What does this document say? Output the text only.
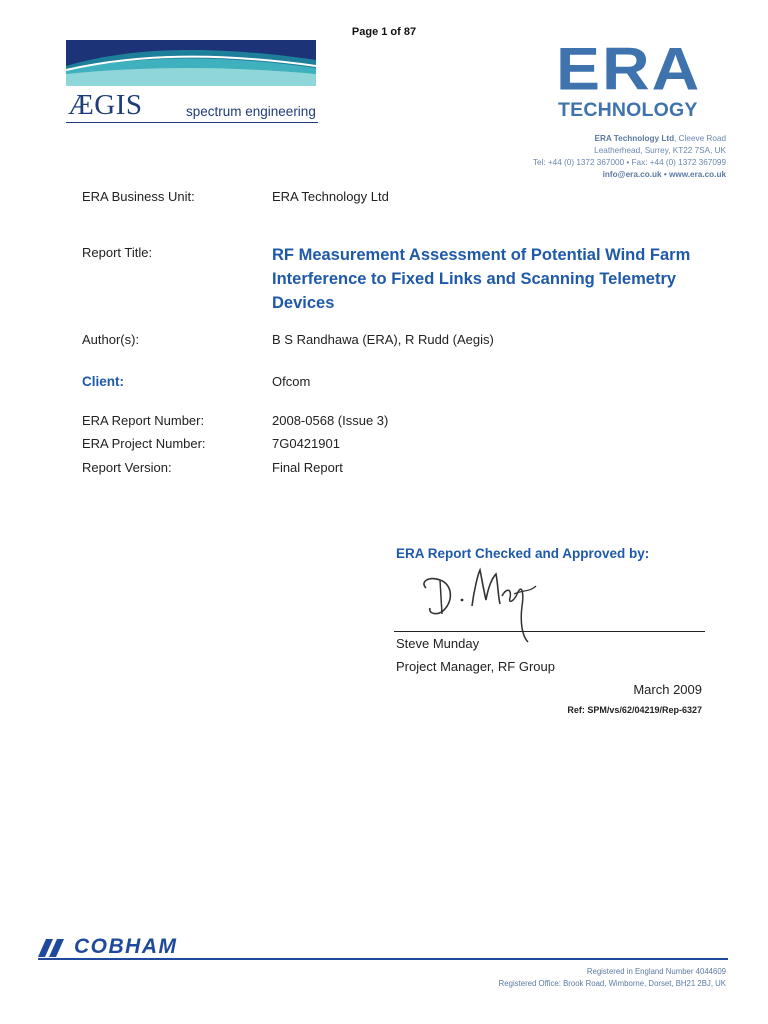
Page 1 of 87
ÆGIS	spectrum engineering
ERA
TECHNOLOGY
ERA Technology Ltd, Cleeve Road
Leatherhead, Surrey, KT22 7SA, UK
Tel: +44 (0) 1372 367000 • Fax: +44 (0) 1372 367099
info@era.co.uk • www.era.co.uk
ERA Business Unit:	ERA Technology Ltd
Report Title:	RF Measurement Assessment of Potential Wind Farm Interference to Fixed Links and Scanning Telemetry Devices
Author(s):	B S Randhawa (ERA), R Rudd (Aegis)
Client:	Ofcom
ERA Report Number:	2008-0568 (Issue 3)
ERA Project Number:	7G0421901
Report Version:	Final Report
ERA Report Checked and Approved by:
Steve Munday
Project Manager, RF Group
March 2009
Ref: SPM/vs/62/04219/Rep-6327
COBHAM
Registered in England Number 4044609
Registered Office: Brook Road, Wimborne, Dorset, BH21 2BJ, UK
